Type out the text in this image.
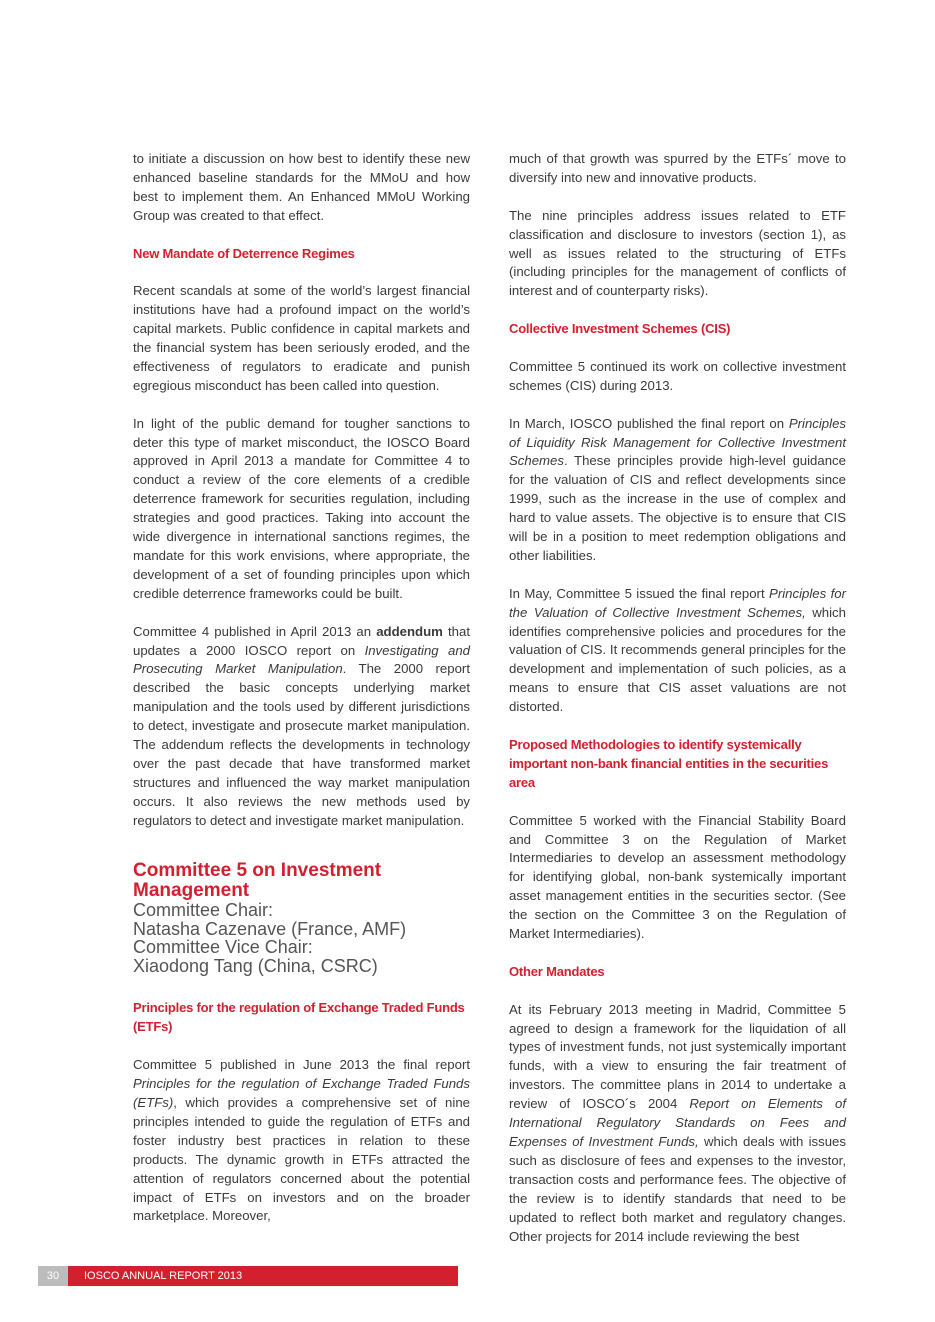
to initiate a discussion on how best to identify these new enhanced baseline standards for the MMoU and how best to implement them. An Enhanced MMoU Working Group was created to that effect.

New Mandate of Deterrence Regimes

Recent scandals at some of the world’s largest financial institutions have had a profound impact on the world’s capital markets. Public confidence in capital markets and the financial system has been seriously eroded, and the effectiveness of regulators to eradicate and punish egregious misconduct has been called into question.

In light of the public demand for tougher sanctions to deter this type of market misconduct, the IOSCO Board approved in April 2013 a mandate for Committee 4 to conduct a review of the core elements of a credible deterrence framework for securities regulation, including strategies and good practices. Taking into account the wide divergence in international sanctions regimes, the mandate for this work envisions, where appropriate, the development of a set of founding principles upon which credible deterrence frameworks could be built.

Committee 4 published in April 2013 an addendum that updates a 2000 IOSCO report on Investigating and Prosecuting Market Manipulation. The 2000 report described the basic concepts underlying market manipulation and the tools used by different jurisdictions to detect, investigate and prosecute market manipulation. The addendum reflects the developments in technology over the past decade that have transformed market structures and influenced the way market manipulation occurs. It also reviews the new methods used by regulators to detect and investigate market manipulation.

Committee 5 on Investment Management
Committee Chair:
Natasha Cazenave (France, AMF)
Committee Vice Chair:
Xiaodong Tang (China, CSRC)
Principles for the regulation of Exchange Traded Funds (ETFs)

Committee 5 published in June 2013 the final report Principles for the regulation of Exchange Traded Funds (ETFs), which provides a comprehensive set of nine principles intended to guide the regulation of ETFs and foster industry best practices in relation to these products. The dynamic growth in ETFs attracted the attention of regulators concerned about the potential impact of ETFs on investors and on the broader marketplace. Moreover,

much of that growth was spurred by the ETFs´ move to diversify into new and innovative products.

The nine principles address issues related to ETF classification and disclosure to investors (section 1), as well as issues related to the structuring of ETFs (including principles for the management of conflicts of interest and of counterparty risks).

Collective Investment Schemes (CIS)

Committee 5 continued its work on collective investment schemes (CIS) during 2013.

In March, IOSCO published the final report on Principles of Liquidity Risk Management for Collective Investment Schemes. These principles provide high-level guidance for the valuation of CIS and reflect developments since 1999, such as the increase in the use of complex and hard to value assets. The objective is to ensure that CIS will be in a position to meet redemption obligations and other liabilities.

In May, Committee 5 issued the final report Principles for the Valuation of Collective Investment Schemes, which identifies comprehensive policies and procedures for the valuation of CIS. It recommends general principles for the development and implementation of such policies, as a means to ensure that CIS asset valuations are not distorted.

Proposed Methodologies to identify systemically important non-bank financial entities in the securities area

Committee 5 worked with the Financial Stability Board and Committee 3 on the Regulation of Market Intermediaries to develop an assessment methodology for identifying global, non-bank systemically important asset management entities in the securities sector. (See the section on the Committee 3 on the Regulation of Market Intermediaries).

Other Mandates

At its February 2013 meeting in Madrid, Committee 5 agreed to design a framework for the liquidation of all types of investment funds, not just systemically important funds, with a view to ensuring the fair treatment of investors. The committee plans in 2014 to undertake a review of IOSCO´s 2004 Report on Elements of International Regulatory Standards on Fees and Expenses of Investment Funds, which deals with issues such as disclosure of fees and expenses to the investor, transaction costs and performance fees. The objective of the review is to identify standards that need to be updated to reflect both market and regulatory changes. Other projects for 2014 include reviewing the best

30	IOSCO ANNUAL REPORT 2013
